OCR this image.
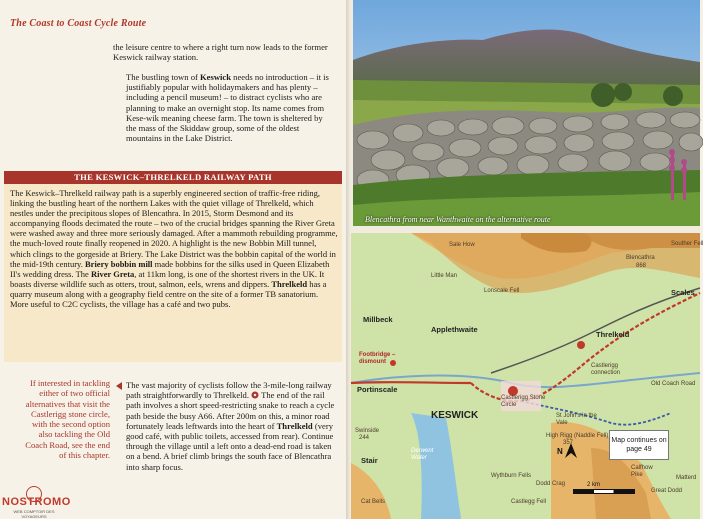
The Coast to Coast Cycle Route

the leisure centre to where a right turn now leads to the former Keswick railway station.

The bustling town of Keswick needs no introduction – it is justifiably popular with holidaymakers and has plenty – including a pencil museum! – to distract cyclists who are planning to make an overnight stop. Its name comes from Kese-wik meaning cheese farm. The town is sheltered by the mass of the Skiddaw group, some of the oldest mountains in the Lake District.

THE KESWICK–THRELKELD RAILWAY PATH

The Keswick–Threlkeld railway path is a superbly engineered section of traffic-free riding, linking the bustling heart of the northern Lakes with the quiet village of Threlkeld, which nestles under the precipitous slopes of Blencathra. In 2015, Storm Desmond and its accompanying floods decimated the route – two of the crucial bridges spanning the River Greta were washed away and three more seriously damaged. After a mammoth rebuilding programme, the much-loved route finally reopened in 2020. A highlight is the new Bobbin Mill tunnel, which clings to the gorgeside at Briery. The Lake District was the bobbin capital of the world in the mid-19th century. Briery bobbin mill made bobbins for the silks used in Queen Elizabeth II's wedding dress. The River Greta, at 11km long, is one of the shortest rivers in the UK. It boasts diverse wildlife such as otters, trout, salmon, eels, wrens and dippers. Threlkeld has a quarry museum along with a geography field centre on the site of a former TB sanatorium. More useful to C2C cyclists, the village has a café and two pubs.

If interested in tackling either of two official alternatives that visit the Castlerigg stone circle, with the second option also tackling the Old Coach Road, see the end of this chapter.

The vast majority of cyclists follow the 3-mile-long railway path straightforwardly to Threlkeld.  The end of the rail path involves a short speed-restricting snake to reach a cycle path beside the busy A66. After 200m on this, a minor road fortunately leads leftwards into the heart of Threlkeld (very good café, with public toilets, accessed from rear). Continue through the village until a left onto a dead-end road is taken on a bend. A brief climb brings the south face of Blencathra into sharp focus.

NOSTROMO
WEB COMPTOIR DES VOYAGEURS
Blencathra from near Wanthwaite on the alternative route
Sale How
Little Man
Lonscale Fell
Blencathra
868
Souther Fell
Scales
Millbeck
Applethwaite
Threlkeld
Footbridge – dismount
Portinscale
KESWICK
Castlerigg Stone Circle
Castlerigg connection
Old Coach Road
St John's in the Vale
High Rigg (Naddle Fell)
357
Swinside
244
Stair
Derwent Water
Wythburn Fells
Dodd Crag
Calfhow Pike
Castlegg Fell
Cat Bells
Great Dodd
Matterd
Map continues on page 49
N
2 km
